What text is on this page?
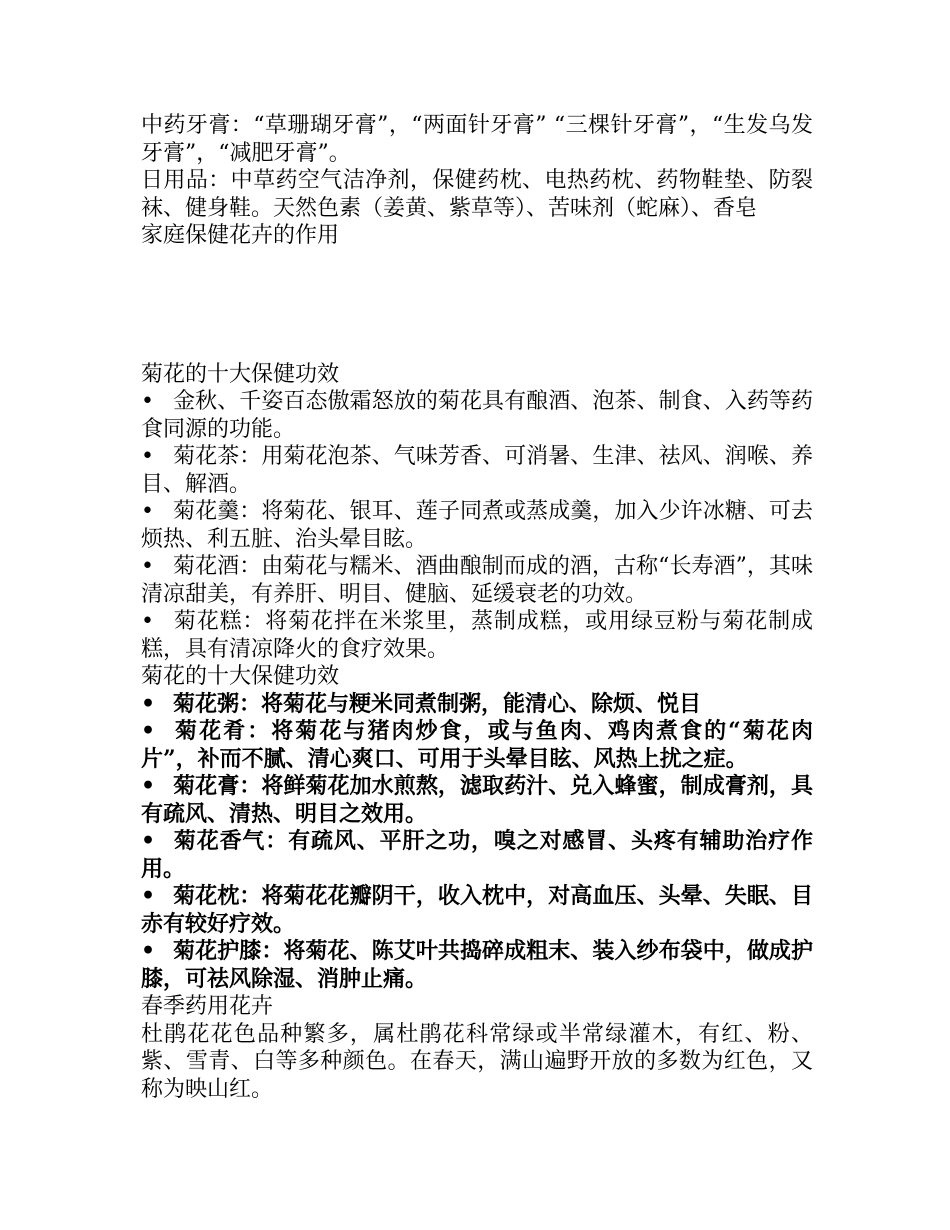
中药牙膏：“草珊瑚牙膏”，“两面针牙膏” “三棵针牙膏”，“生发乌发牙膏”，“减肥牙膏”。

日用品：中草药空气洁净剂，保健药枕、电热药枕、药物鞋垫、防裂袜、健身鞋。天然色素（姜黄、紫草等）、苦味剂（蛇麻）、香皂

家庭保健花卉的作用

菊花的十大保健功效

• 金秋、千姿百态傲霜怒放的菊花具有酿酒、泡茶、制食、入药等药食同源的功能。

• 菊花茶：用菊花泡茶、气味芳香、可消暑、生津、祛风、润喉、养目、解酒。

• 菊花羹：将菊花、银耳、莲子同煮或蒸成羹，加入少许冰糖、可去烦热、利五脏、治头晕目眩。

• 菊花酒：由菊花与糯米、酒曲酿制而成的酒，古称“长寿酒”，其味清凉甜美，有养肝、明目、健脑、延缓衰老的功效。

• 菊花糕：将菊花拌在米浆里，蒸制成糕，或用绿豆粉与菊花制成糕，具有清凉降火的食疗效果。

菊花的十大保健功效

• 菊花粥：将菊花与粳米同煮制粥，能清心、除烦、悦目

• 菊花肴：将菊花与猪肉炒食，或与鱼肉、鸡肉煮食的“菊花肉片”，补而不腻、清心爽口、可用于头晕目眩、风热上扰之症。

• 菊花膏：将鲜菊花加水煎熬，滤取药汁、兑入蜂蜜，制成膏剂，具有疏风、清热、明目之效用。

• 菊花香气：有疏风、平肝之功，嗅之对感冒、头疼有辅助治疗作用。

• 菊花枕：将菊花花瓣阴干，收入枕中，对高血压、头晕、失眠、目赤有较好疗效。

• 菊花护膝：将菊花、陈艾叶共捣碎成粗末、装入纱布袋中，做成护膝，可祛风除湿、消肿止痛。

春季药用花卉

杜鹃花花色品种繁多，属杜鹃花科常绿或半常绿灌木，有红、粉、紫、雪青、白等多种颜色。在春天，满山遍野开放的多数为红色，又称为映山红。
